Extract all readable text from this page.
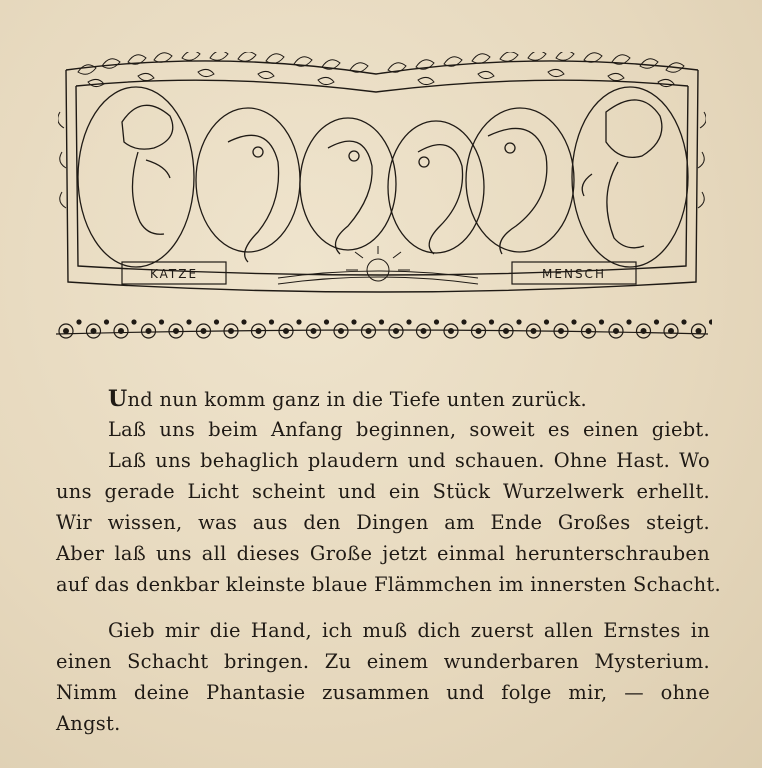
KATZE	MENSCH
Und nun komm ganz in die Tiefe unten zurück.
Laß uns beim Anfang beginnen, soweit es einen giebt.
Laß uns behaglich plaudern und schauen. Ohne Hast. Wo
uns gerade Licht scheint und ein Stück Wurzelwerk erhellt.
Wir wissen, was aus den Dingen am Ende Großes steigt.
Aber laß uns all dieses Große jetzt einmal herunterschrauben
auf das denkbar kleinste blaue Flämmchen im innersten Schacht.
Gieb mir die Hand, ich muß dich zuerst allen Ernstes in
einen Schacht bringen. Zu einem wunderbaren Mysterium.
Nimm deine Phantasie zusammen und folge mir, — ohne
Angst.
